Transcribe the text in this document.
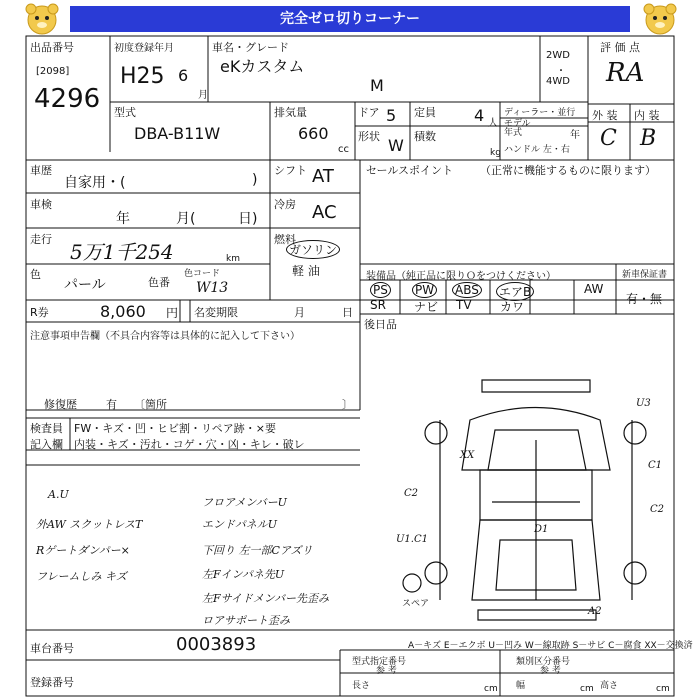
完全ゼロ切りコーナー
出品番号
[2098]
4296
初度登録年月
H25 6
月
車名・グレード
eKカスタム
M
2WD
・
4WD
評 価 点
RA
型式
DBA-B11W
排気量
660
cc
ドア 5 定員 4 人
ディーラー・並行
モデル
年式	年
形状 W 積数
kg ハンドル 左・右
外 装 内 装
C B
車歴
自家用・(	)
シフト AT	セールスポイント （正常に機能するものに限ります）
車検
年	月(	日)
冷房 AC
走行
5万1千254	km
燃料
ガソリン
軽 油
色
パール	色番
色コード
W13
装備品（純正品に限りＯをつけください）
PS PW ABS エアB	AW
SR ナビ TV カワ
新車保証書
有・無
R券	8,060 円 名変期限	月	日
後日品
注意事項申告欄（不具合内容等は具体的に記入して下さい）
修復歴	有 〔箇所	〕
検査員
記入欄
FW・キズ・凹・ヒビ割・リペア跡・×要
内装・キズ・汚れ・コゲ・穴・凶・キレ・破レ
A.U
外AW スクットレスT
Rゲートダンパー×
フレームしみ キズ
フロアメンバーU
エンドパネルU
下回り 左一部Cアズリ
左Fインパネ先U
左Fサイドメンバー先歪み
ロアサポート歪み
U3
XX
C1
C2
C2
U1.C1
D1
A2
スペア
A－キズ E－エクボ U－凹み W－線取跡 S－サビ C－腐食 XX－交換済
車台番号	0003893
登録番号
型式指定番号
参 考
類別区分番号
参 考
長さ	cm 幅	cm 高さ	cm
